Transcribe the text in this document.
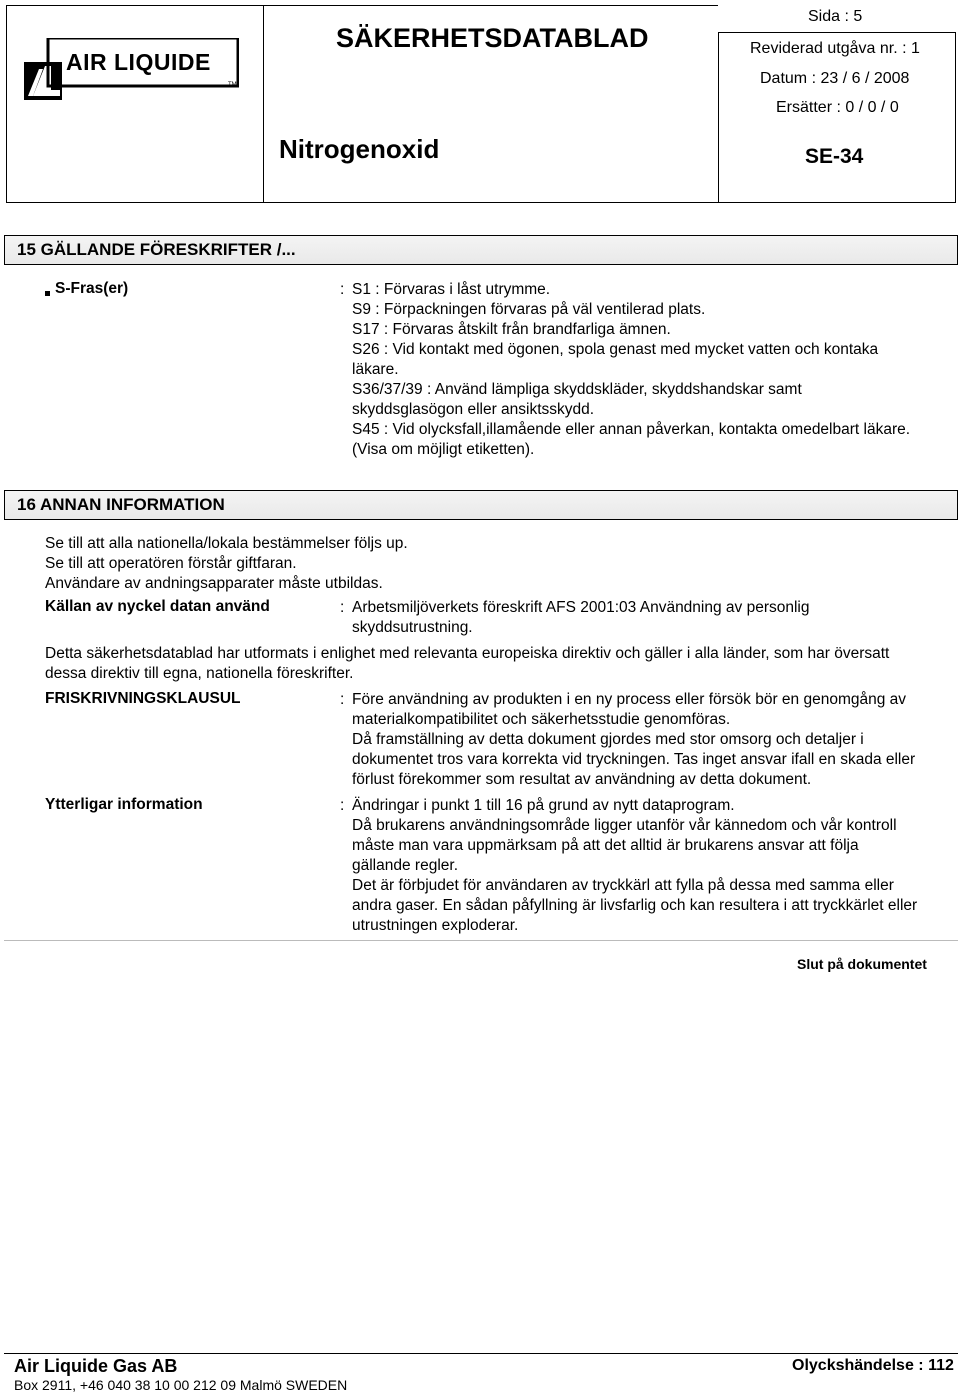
AIR LIQUIDE
TM
SÄKERHETSDATABLAD
Nitrogenoxid	SE-34
Sida : 5
Reviderad utgåva nr. : 1
Datum : 23 / 6 / 2008
Ersätter : 0 / 0 / 0
15 GÄLLANDE FÖRESKRIFTER /...
S-Fras(er)	: S1 : Förvaras i låst utrymme.
S9 : Förpackningen förvaras på väl ventilerad plats.
S17 : Förvaras åtskilt från brandfarliga ämnen.
S26 : Vid kontakt med ögonen, spola genast med mycket vatten och kontaka
läkare.
S36/37/39 : Använd lämpliga skyddskläder, skyddshandskar samt
skyddsglasögon eller ansiktsskydd.
S45 : Vid olycksfall,illamående eller annan påverkan, kontakta omedelbart läkare.
(Visa om möjligt etiketten).
16 ANNAN INFORMATION
Se till att alla nationella/lokala bestämmelser följs up.
Se till att operatören förstår giftfaran.
Användare av andningsapparater måste utbildas.
Källan av nyckel datan använd	: Arbetsmiljöverkets föreskrift AFS 2001:03 Användning av personlig
skyddsutrustning.
Detta säkerhetsdatablad har utformats i enlighet med relevanta europeiska direktiv och gäller i alla länder, som har översatt
dessa direktiv till egna, nationella föreskrifter.
FRISKRIVNINGSKLAUSUL	: Före användning av produkten i en ny process eller försök bör en genomgång av
materialkompatibilitet och säkerhetsstudie genomföras.
Då framställning av detta dokument gjordes med stor omsorg och detaljer i
dokumentet tros vara korrekta vid tryckningen. Tas inget ansvar ifall en skada eller
förlust förekommer som resultat av användning av detta dokument.
Ytterligar information	: Ändringar i punkt 1 till 16 på grund av nytt dataprogram.
Då brukarens användningsområde ligger utanför vår kännedom och vår kontroll
måste man vara uppmärksam på att det alltid är brukarens ansvar att följa
gällande regler.
Det är förbjudet för användaren av tryckkärl att fylla på dessa med samma eller
andra gaser. En sådan påfyllning är livsfarlig och kan resultera i att tryckkärlet eller
utrustningen exploderar.
Slut på dokumentet
Air Liquide Gas AB
Box 2911, +46 040 38 10 00 212 09 Malmö SWEDEN
Olyckshändelse : 112
